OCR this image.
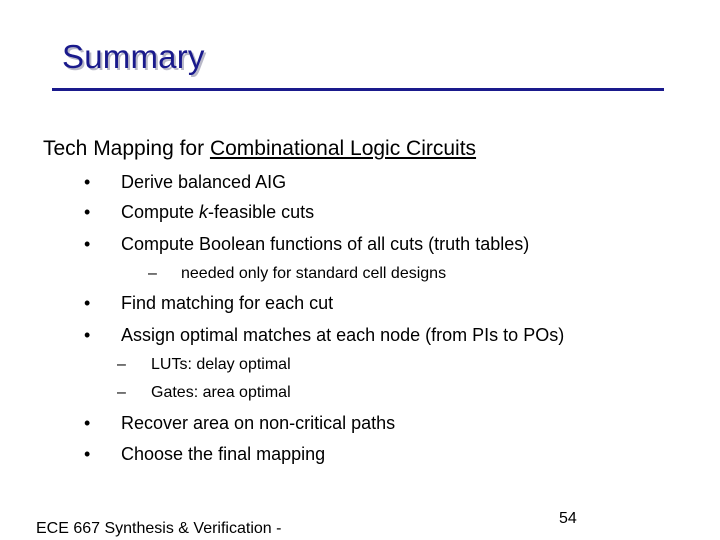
Summary
Tech Mapping for Combinational Logic Circuits
• Derive balanced AIG
• Compute k-feasible cuts
• Compute Boolean functions of all cuts (truth tables)
– needed only for standard cell designs
• Find matching for each cut
• Assign optimal matches at each node (from PIs to POs)
– LUTs: delay optimal
– Gates: area optimal
• Recover area on non-critical paths
• Choose the final mapping
ECE 667 Synthesis & Verification -
54
